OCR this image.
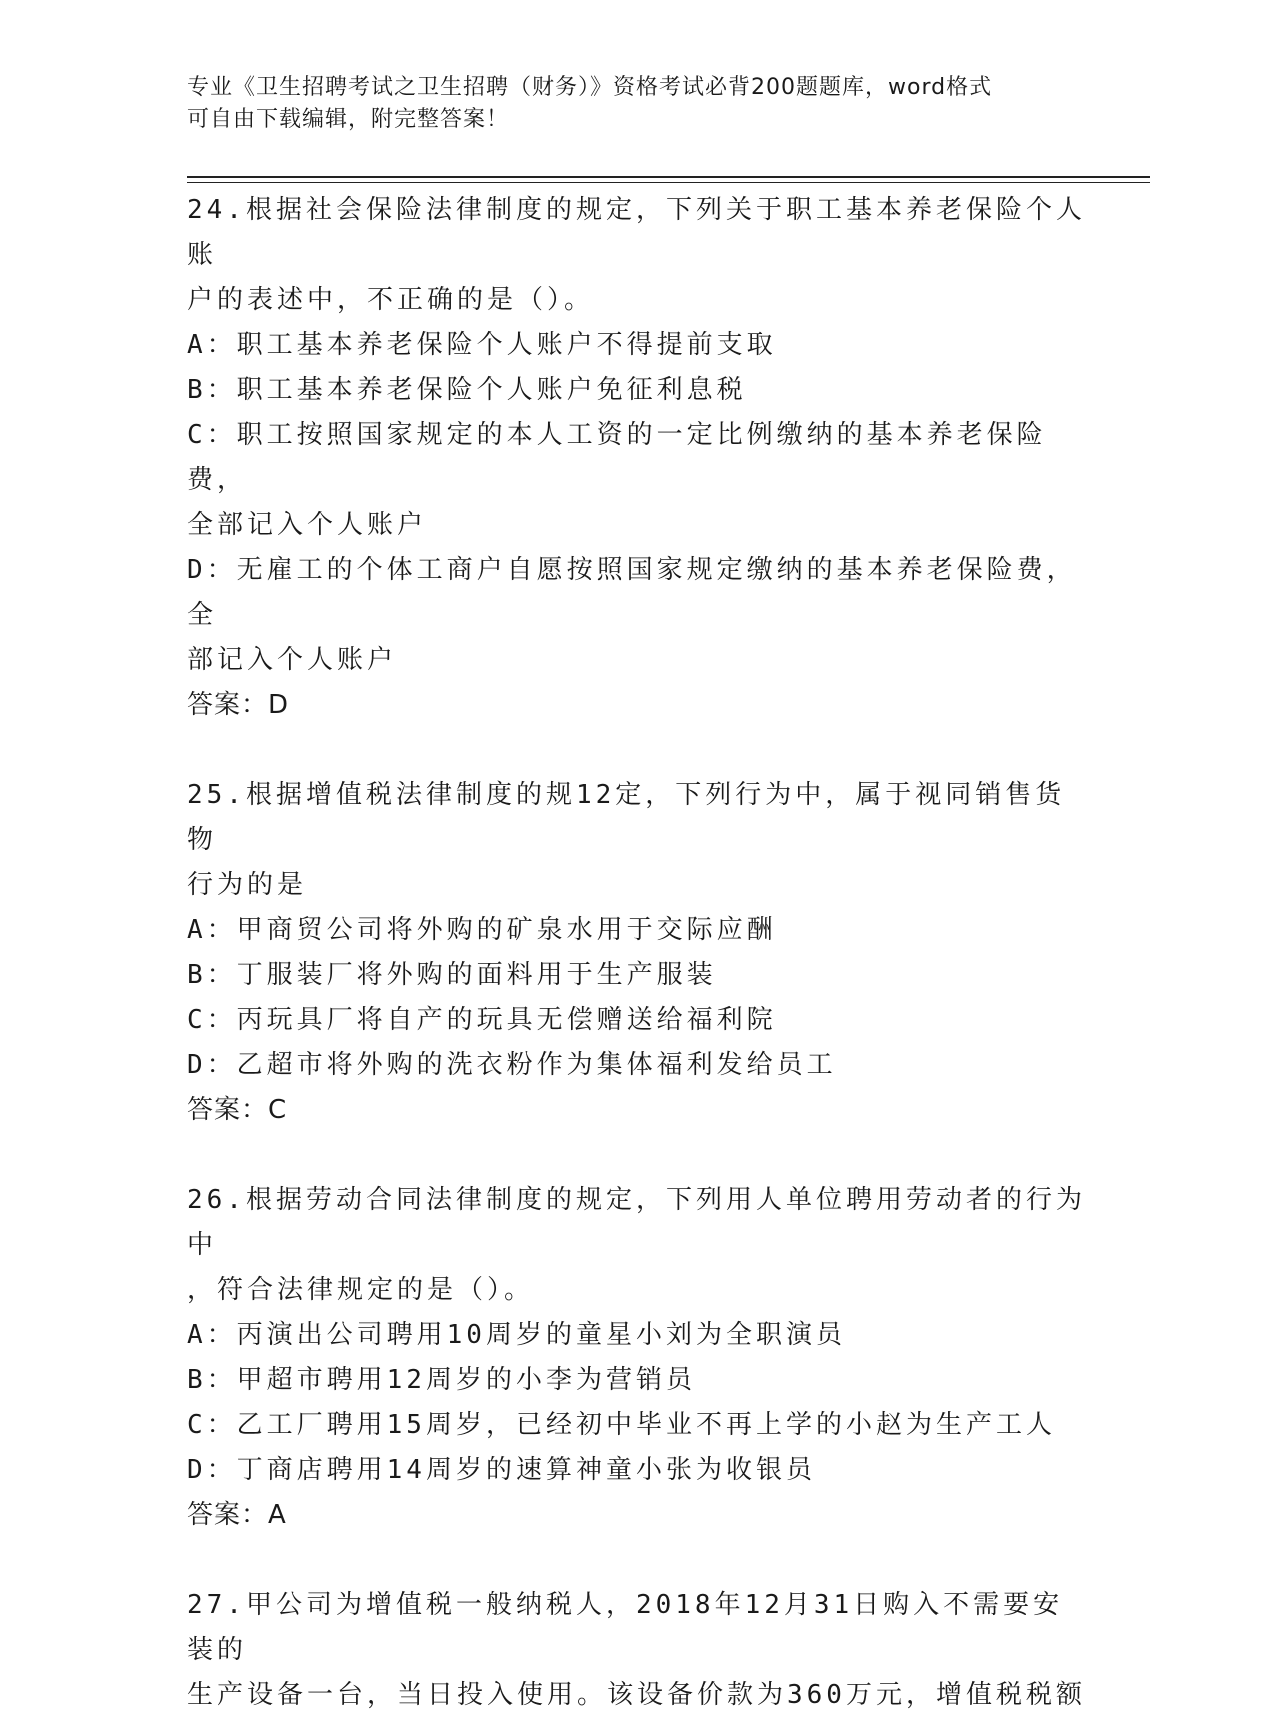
专业《卫生招聘考试之卫生招聘（财务）》资格考试必背200题题库，word格式
可自由下载编辑，附完整答案！

24.根据社会保险法律制度的规定，下列关于职工基本养老保险个人账

户的表述中，不正确的是（）。

A：职工基本养老保险个人账户不得提前支取

B：职工基本养老保险个人账户免征利息税

C：职工按照国家规定的本人工资的一定比例缴纳的基本养老保险费，

全部记入个人账户

D：无雇工的个体工商户自愿按照国家规定缴纳的基本养老保险费，全

部记入个人账户

答案：D

25.根据增值税法律制度的规12定，下列行为中，属于视同销售货物

行为的是

A：甲商贸公司将外购的矿泉水用于交际应酬

B：丁服装厂将外购的面料用于生产服装

C：丙玩具厂将自产的玩具无偿赠送给福利院

D：乙超市将外购的洗衣粉作为集体福利发给员工

答案：C

26.根据劳动合同法律制度的规定，下列用人单位聘用劳动者的行为中

，符合法律规定的是（）。

A：丙演出公司聘用10周岁的童星小刘为全职演员

B：甲超市聘用12周岁的小李为营销员

C：乙工厂聘用15周岁，已经初中毕业不再上学的小赵为生产工人

D：丁商店聘用14周岁的速算神童小张为收银员

答案：A

27.甲公司为增值税一般纳税人，2018年12月31日购入不需要安装的

生产设备一台，当日投入使用。该设备价款为360万元，增值税税额
